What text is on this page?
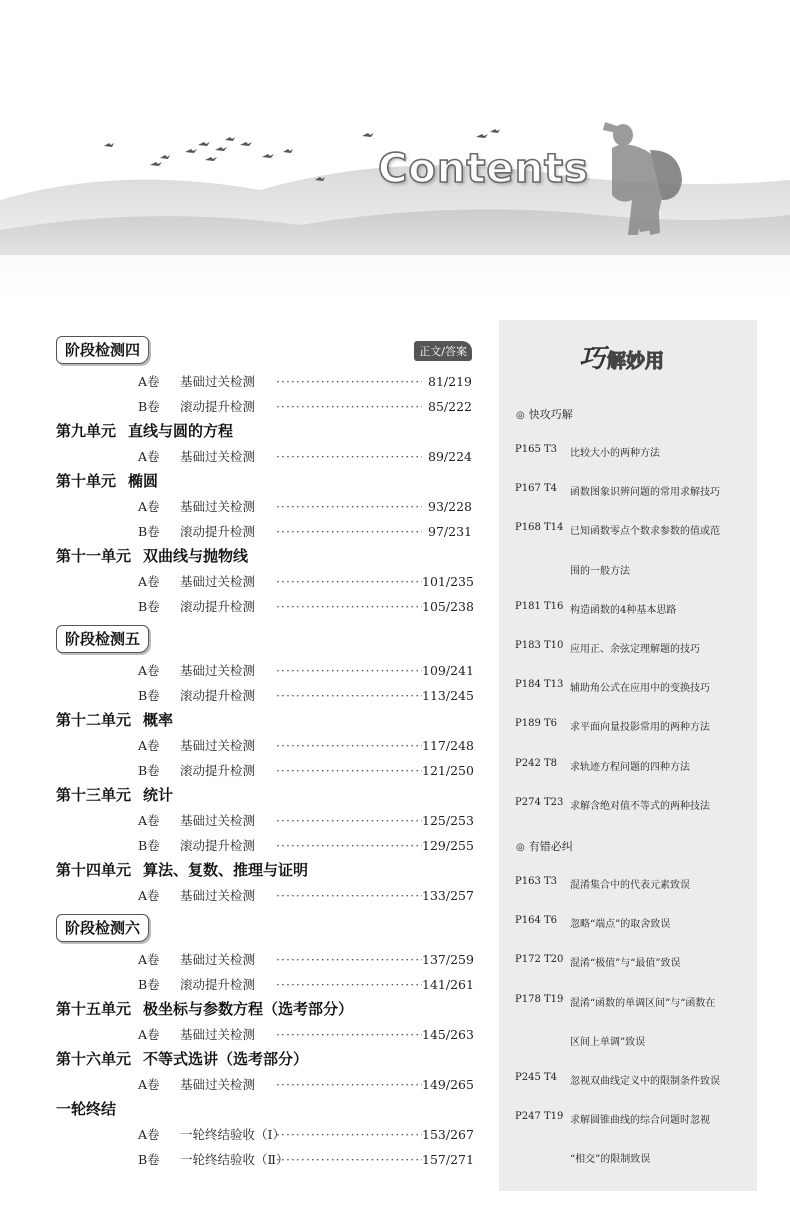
Contents
阶段检测四	正文/答案
A卷	基础过关检测 ·····	81/219
B卷	滚动提升检测 ·····	85/222
第九单元 直线与圆的方程
A卷	基础过关检测 ·····	89/224
第十单元 椭圆
A卷	基础过关检测 ·····	93/228
B卷	滚动提升检测 ·····	97/231
第十一单元 双曲线与抛物线
A卷	基础过关检测 ·····	101/235
B卷	滚动提升检测 ·····	105/238
阶段检测五
A卷	基础过关检测 ·····	109/241
B卷	滚动提升检测 ·····	113/245
第十二单元 概率
A卷	基础过关检测 ·····	117/248
B卷	滚动提升检测 ·····	121/250
第十三单元 统计
A卷	基础过关检测 ·····	125/253
B卷	滚动提升检测 ·····	129/255
第十四单元 算法、复数、推理与证明
A卷	基础过关检测 ·····	133/257
阶段检测六
A卷	基础过关检测 ·····	137/259
B卷	滚动提升检测 ·····	141/261
第十五单元 极坐标与参数方程（选考部分）
A卷	基础过关检测 ·····	145/263
第十六单元 不等式选讲（选考部分）
A卷	基础过关检测 ·····	149/265
一轮终结
A卷	一轮终结验收（Ⅰ） ·····	153/267
B卷	一轮终结验收（Ⅱ） ·····	157/271
巧 解妙用
◎ 快攻巧解
P165 T3	比较大小的两种方法
P167 T4	函数图象识辨问题的常用求解技巧
P168 T14 已知函数零点个数求参数的值或范
围的一般方法
P181 T16 构造函数的4种基本思路
P183 T10 应用正、余弦定理解题的技巧
P184 T13 辅助角公式在应用中的变换技巧
P189 T6	求平面向量投影常用的两种方法
P242 T8	求轨迹方程问题的四种方法
P274 T23 求解含绝对值不等式的两种技法
◎ 有错必纠
P163 T3	混淆集合中的代表元素致误
P164 T6	忽略“端点”的取舍致误
P172 T20 混淆“极值”与“最值”致误
P178 T19 混淆“函数的单调区间”与“函数在
区间上单调”致误
P245 T4	忽视双曲线定义中的限制条件致误
P247 T19 求解圆锥曲线的综合问题时忽视
“相交”的限制致误
